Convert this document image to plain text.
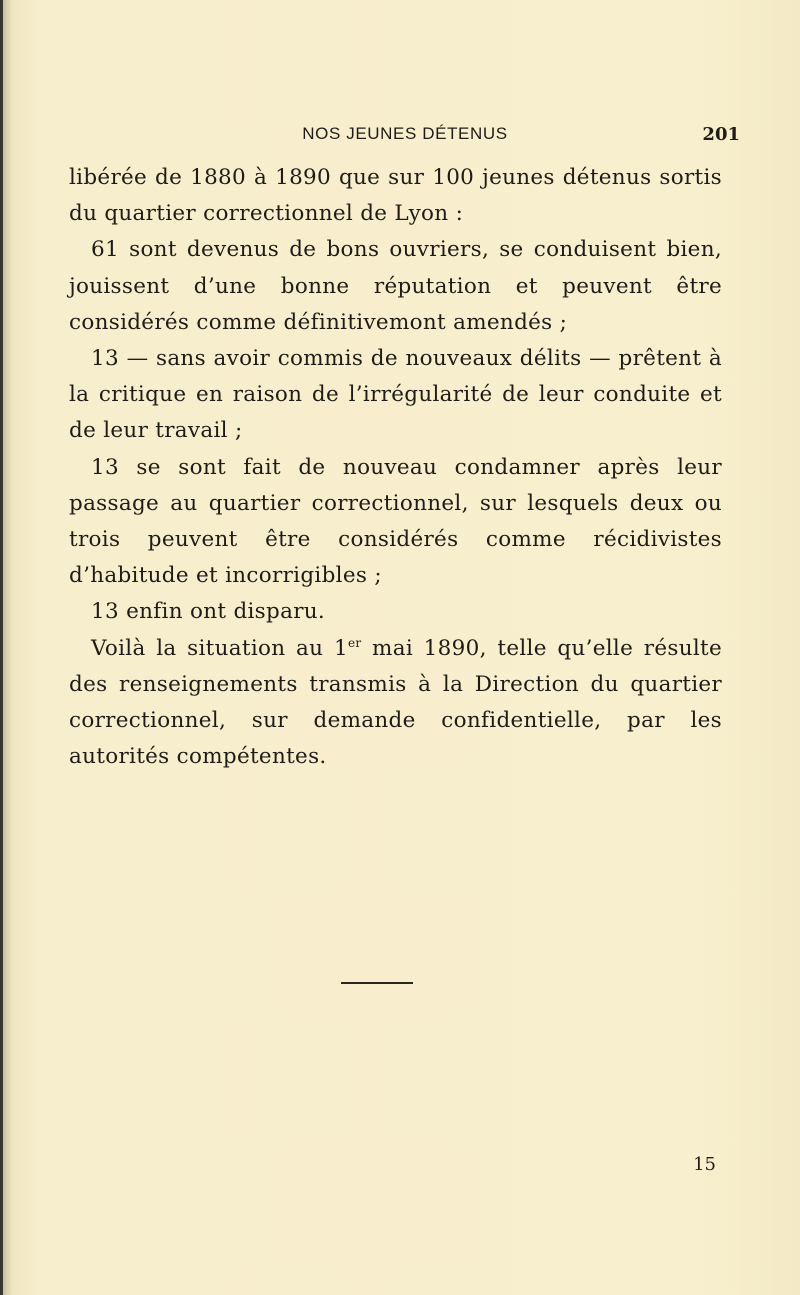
NOS JEUNES DÉTENUS	201

libérée de 1880 à 1890 que sur 100 jeunes détenus sortis du quartier correctionnel de Lyon :

61 sont devenus de bons ouvriers, se conduisent bien, jouissent d’une bonne réputation et peuvent être considérés comme définitivemont amendés ;

13 — sans avoir commis de nouveaux délits — prêtent à la critique en raison de l’irrégularité de leur conduite et de leur travail ;

13 se sont fait de nouveau condamner après leur passage au quartier correctionnel, sur lesquels deux ou trois peuvent être considérés comme récidivistes d’habitude et incorrigibles ;

13 enfin ont disparu.

Voilà la situation au 1er mai 1890, telle qu’elle résulte des renseignements transmis à la Direction du quartier correctionnel, sur demande confidentielle, par les autorités compétentes.

15
